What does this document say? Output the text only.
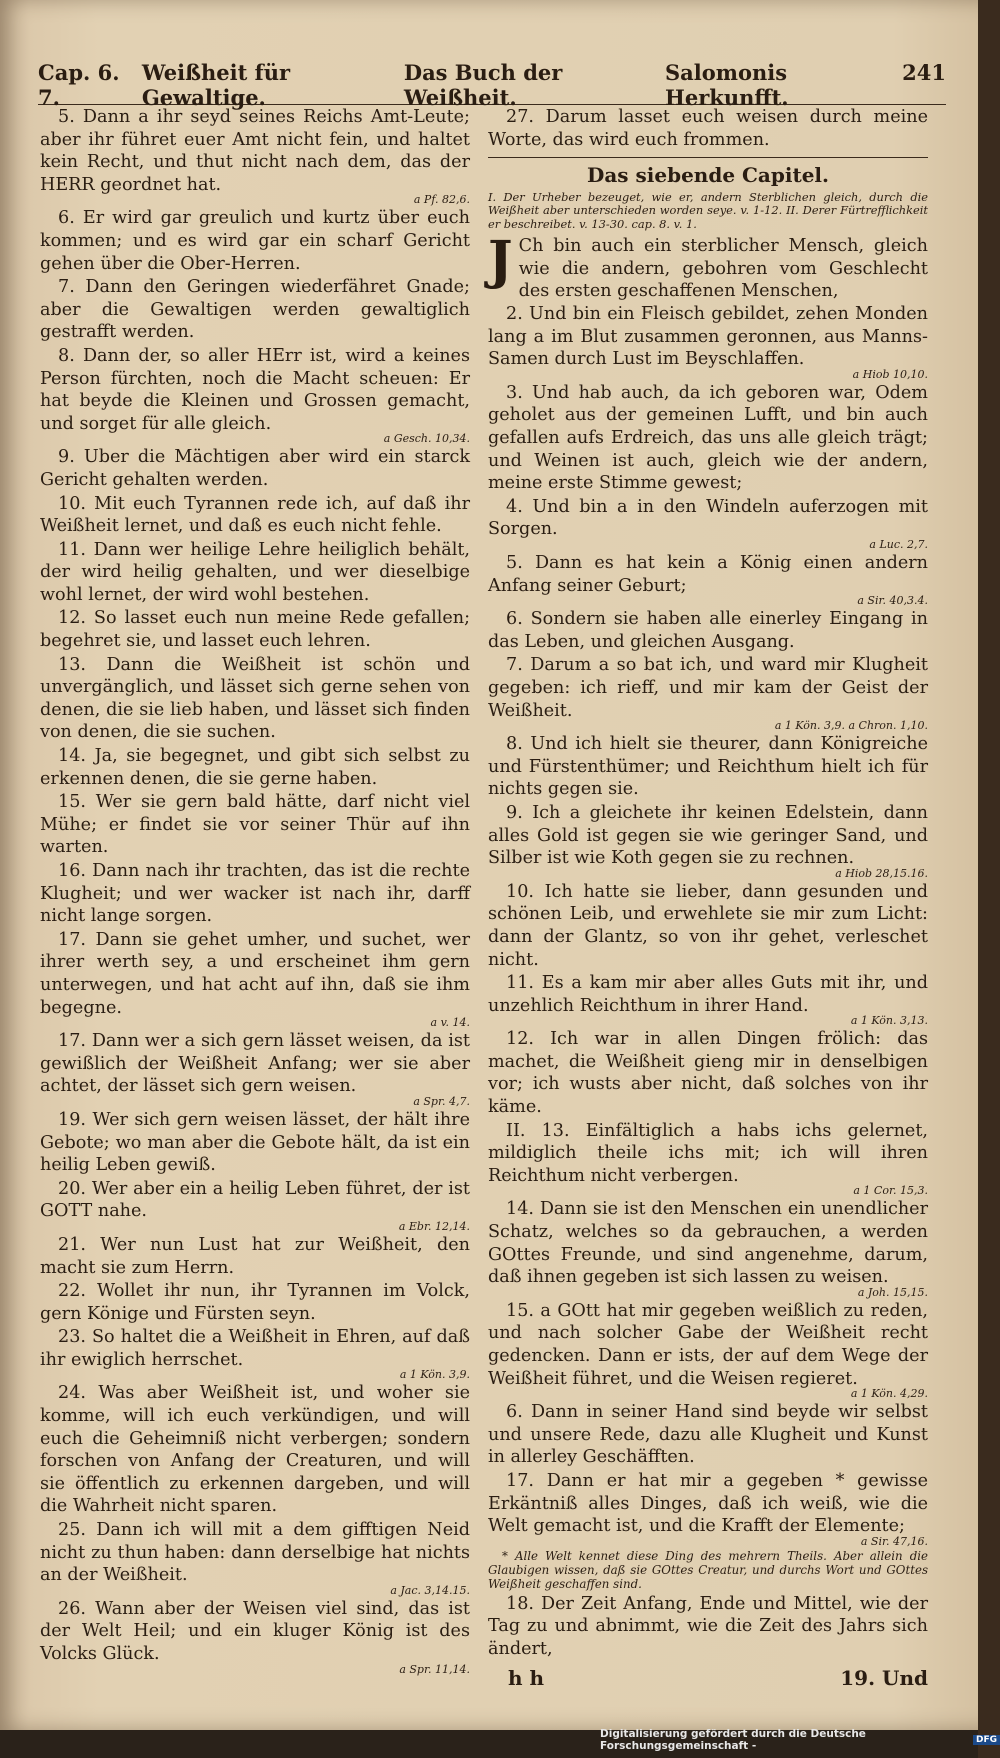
Cap. 6. 7.
Weißheit für Gewaltige.
Das Buch der Weißheit.
Salomonis Herkunfft.
241

5. Dann a ihr seyd seines Reichs Amt-Leute; aber ihr führet euer Amt nicht fein, und haltet kein Recht, und thut nicht nach dem, das der HERR geordnet hat.
a Pf. 82,6.

6. Er wird gar greulich und kurtz über euch kommen; und es wird gar ein scharf Gericht gehen über die Ober-Herren.

7. Dann den Geringen wiederfähret Gnade; aber die Gewaltigen werden gewaltiglich gestrafft werden.

8. Dann der, so aller HErr ist, wird a keines Person fürchten, noch die Macht scheuen: Er hat beyde die Kleinen und Grossen gemacht, und sorget für alle gleich.
a Gesch. 10,34.

9. Uber die Mächtigen aber wird ein starck Gericht gehalten werden.

10. Mit euch Tyrannen rede ich, auf daß ihr Weißheit lernet, und daß es euch nicht fehle.

11. Dann wer heilige Lehre heiliglich behält, der wird heilig gehalten, und wer dieselbige wohl lernet, der wird wohl bestehen.

12. So lasset euch nun meine Rede gefallen; begehret sie, und lasset euch lehren.

13. Dann die Weißheit ist schön und unvergänglich, und lässet sich gerne sehen von denen, die sie lieb haben, und lässet sich finden von denen, die sie suchen.

14. Ja, sie begegnet, und gibt sich selbst zu erkennen denen, die sie gerne haben.

15. Wer sie gern bald hätte, darf nicht viel Mühe; er findet sie vor seiner Thür auf ihn warten.

16. Dann nach ihr trachten, das ist die rechte Klugheit; und wer wacker ist nach ihr, darff nicht lange sorgen.

17. Dann sie gehet umher, und suchet, wer ihrer werth sey, a und erscheinet ihm gern unterwegen, und hat acht auf ihn, daß sie ihm begegne.
a v. 14.

17. Dann wer a sich gern lässet weisen, da ist gewißlich der Weißheit Anfang; wer sie aber achtet, der lässet sich gern weisen.
a Spr. 4,7.

19. Wer sich gern weisen lässet, der hält ihre Gebote; wo man aber die Gebote hält, da ist ein heilig Leben gewiß.

20. Wer aber ein a heilig Leben führet, der ist GOTT nahe.
a Ebr. 12,14.

21. Wer nun Lust hat zur Weißheit, den macht sie zum Herrn.

22. Wollet ihr nun, ihr Tyrannen im Volck, gern Könige und Fürsten seyn.

23. So haltet die a Weißheit in Ehren, auf daß ihr ewiglich herrschet.
a 1 Kön. 3,9.

24. Was aber Weißheit ist, und woher sie komme, will ich euch verkündigen, und will euch die Geheimniß nicht verbergen; sondern forschen von Anfang der Creaturen, und will sie öffentlich zu erkennen dargeben, und will die Wahrheit nicht sparen.

25. Dann ich will mit a dem gifftigen Neid nicht zu thun haben: dann derselbige hat nichts an der Weißheit.
a Jac. 3,14.15.

26. Wann aber der Weisen viel sind, das ist der Welt Heil; und ein kluger König ist des Volcks Glück.
a Spr. 11,14.

27. Darum lasset euch weisen durch meine Worte, das wird euch frommen.

Das siebende Capitel.
I. Der Urheber bezeuget, wie er, andern Sterblichen gleich, durch die Weißheit aber unterschieden worden seye. v. 1-12. II. Derer Fürtrefflichkeit er beschreibet. v. 13-30. cap. 8. v. 1.
J Ch bin auch ein sterblicher Mensch, gleich wie die andern, gebohren vom Geschlecht des ersten geschaffenen Menschen,

2. Und bin ein Fleisch gebildet, zehen Monden lang a im Blut zusammen geronnen, aus Manns-Samen durch Lust im Beyschlaffen.
a Hiob 10,10.

3. Und hab auch, da ich geboren war, Odem geholet aus der gemeinen Lufft, und bin auch gefallen aufs Erdreich, das uns alle gleich trägt; und Weinen ist auch, gleich wie der andern, meine erste Stimme gewest;

4. Und bin a in den Windeln auferzogen mit Sorgen.
a Luc. 2,7.

5. Dann es hat kein a König einen andern Anfang seiner Geburt;
a Sir. 40,3.4.

6. Sondern sie haben alle einerley Eingang in das Leben, und gleichen Ausgang.

7. Darum a so bat ich, und ward mir Klugheit gegeben: ich rieff, und mir kam der Geist der Weißheit.
a 1 Kön. 3,9. a Chron. 1,10.

8. Und ich hielt sie theurer, dann Königreiche und Fürstenthümer; und Reichthum hielt ich für nichts gegen sie.

9. Ich a gleichete ihr keinen Edelstein, dann alles Gold ist gegen sie wie geringer Sand, und Silber ist wie Koth gegen sie zu rechnen.
a Hiob 28,15.16.

10. Ich hatte sie lieber, dann gesunden und schönen Leib, und erwehlete sie mir zum Licht: dann der Glantz, so von ihr gehet, verleschet nicht.

11. Es a kam mir aber alles Guts mit ihr, und unzehlich Reichthum in ihrer Hand.
a 1 Kön. 3,13.

12. Ich war in allen Dingen frölich: das machet, die Weißheit gieng mir in denselbigen vor; ich wusts aber nicht, daß solches von ihr käme.

II. 13. Einfältiglich a habs ichs gelernet, mildiglich theile ichs mit; ich will ihren Reichthum nicht verbergen.
a 1 Cor. 15,3.

14. Dann sie ist den Menschen ein unendlicher Schatz, welches so da gebrauchen, a werden GOttes Freunde, und sind angenehme, darum, daß ihnen gegeben ist sich lassen zu weisen.
a Joh. 15,15.

15. a GOtt hat mir gegeben weißlich zu reden, und nach solcher Gabe der Weißheit recht gedencken. Dann er ists, der auf dem Wege der Weißheit führet, und die Weisen regieret.
a 1 Kön. 4,29.

6. Dann in seiner Hand sind beyde wir selbst und unsere Rede, dazu alle Klugheit und Kunst in allerley Geschäfften.

17. Dann er hat mir a gegeben * gewisse Erkäntniß alles Dinges, daß ich weiß, wie die Welt gemacht ist, und die Krafft der Elemente;
a Sir. 47,16.

* Alle Welt kennet diese Ding des mehrern Theils. Aber allein die Glaubigen wissen, daß sie GOttes Creatur, und durchs Wort und GOttes Weißheit geschaffen sind.

18. Der Zeit Anfang, Ende und Mittel, wie der Tag zu und abnimmt, wie die Zeit des Jahrs sich ändert,

h h	19. Und
Digitalisierung gefördert durch die Deutsche Forschungsgemeinschaft -	DFG
